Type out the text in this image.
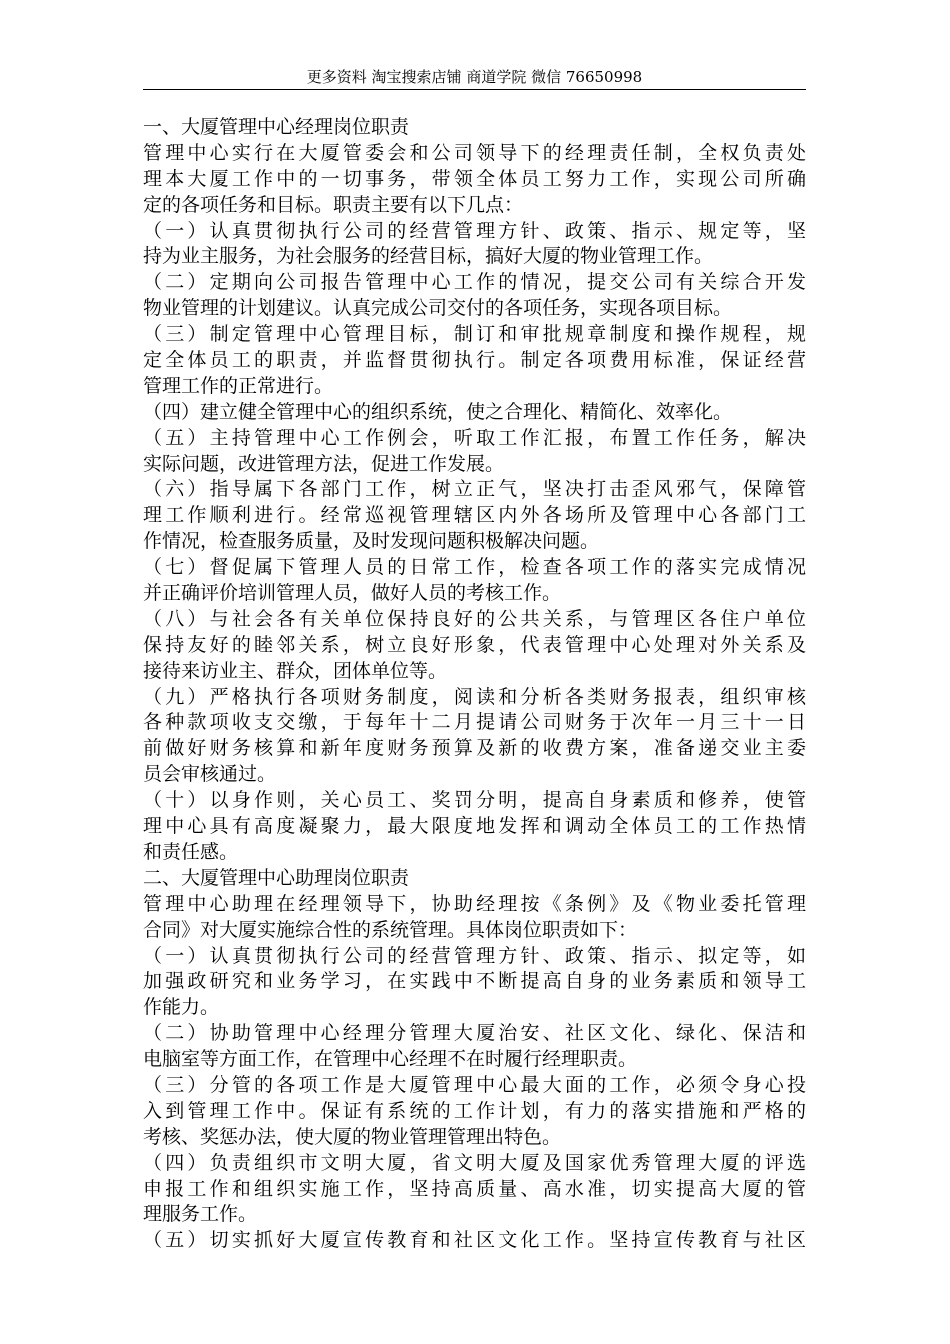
更多资料 淘宝搜索店铺 商道学院 微信 76650998
一、大厦管理中心经理岗位职责
管理中心实行在大厦管委会和公司领导下的经理责任制，全权负责处
理本大厦工作中的一切事务，带领全体员工努力工作，实现公司所确
定的各项任务和目标。职责主要有以下几点：
（一）认真贯彻执行公司的经营管理方针、政策、指示、规定等，坚
持为业主服务，为社会服务的经营目标，搞好大厦的物业管理工作。
（二）定期向公司报告管理中心工作的情况，提交公司有关综合开发
物业管理的计划建议。认真完成公司交付的各项任务，实现各项目标。
（三）制定管理中心管理目标，制订和审批规章制度和操作规程，规
定全体员工的职责，并监督贯彻执行。制定各项费用标准，保证经营
管理工作的正常进行。
（四）建立健全管理中心的组织系统，使之合理化、精简化、效率化。
（五）主持管理中心工作例会，听取工作汇报，布置工作任务，解决
实际问题，改进管理方法，促进工作发展。
（六）指导属下各部门工作，树立正气，坚决打击歪风邪气，保障管
理工作顺利进行。经常巡视管理辖区内外各场所及管理中心各部门工
作情况，检查服务质量，及时发现问题积极解决问题。
（七）督促属下管理人员的日常工作，检查各项工作的落实完成情况
并正确评价培训管理人员，做好人员的考核工作。
（八）与社会各有关单位保持良好的公共关系，与管理区各住户单位
保持友好的睦邻关系，树立良好形象，代表管理中心处理对外关系及
接待来访业主、群众，团体单位等。
（九）严格执行各项财务制度，阅读和分析各类财务报表，组织审核
各种款项收支交缴，于每年十二月提请公司财务于次年一月三十一日
前做好财务核算和新年度财务预算及新的收费方案，准备递交业主委
员会审核通过。
（十）以身作则，关心员工、奖罚分明，提高自身素质和修养，使管
理中心具有高度凝聚力，最大限度地发挥和调动全体员工的工作热情
和责任感。
二、大厦管理中心助理岗位职责
管理中心助理在经理领导下，协助经理按《条例》及《物业委托管理
合同》对大厦实施综合性的系统管理。具体岗位职责如下：
（一）认真贯彻执行公司的经营管理方针、政策、指示、拟定等，如
加强政研究和业务学习，在实践中不断提高自身的业务素质和领导工
作能力。
（二）协助管理中心经理分管理大厦治安、社区文化、绿化、保洁和
电脑室等方面工作，在管理中心经理不在时履行经理职责。
（三）分管的各项工作是大厦管理中心最大面的工作，必须令身心投
入到管理工作中。保证有系统的工作计划，有力的落实措施和严格的
考核、奖惩办法，使大厦的物业管理管理出特色。
（四）负责组织市文明大厦，省文明大厦及国家优秀管理大厦的评选
申报工作和组织实施工作，坚持高质量、高水准，切实提高大厦的管
理服务工作。
（五）切实抓好大厦宣传教育和社区文化工作。坚持宣传教育与社区
